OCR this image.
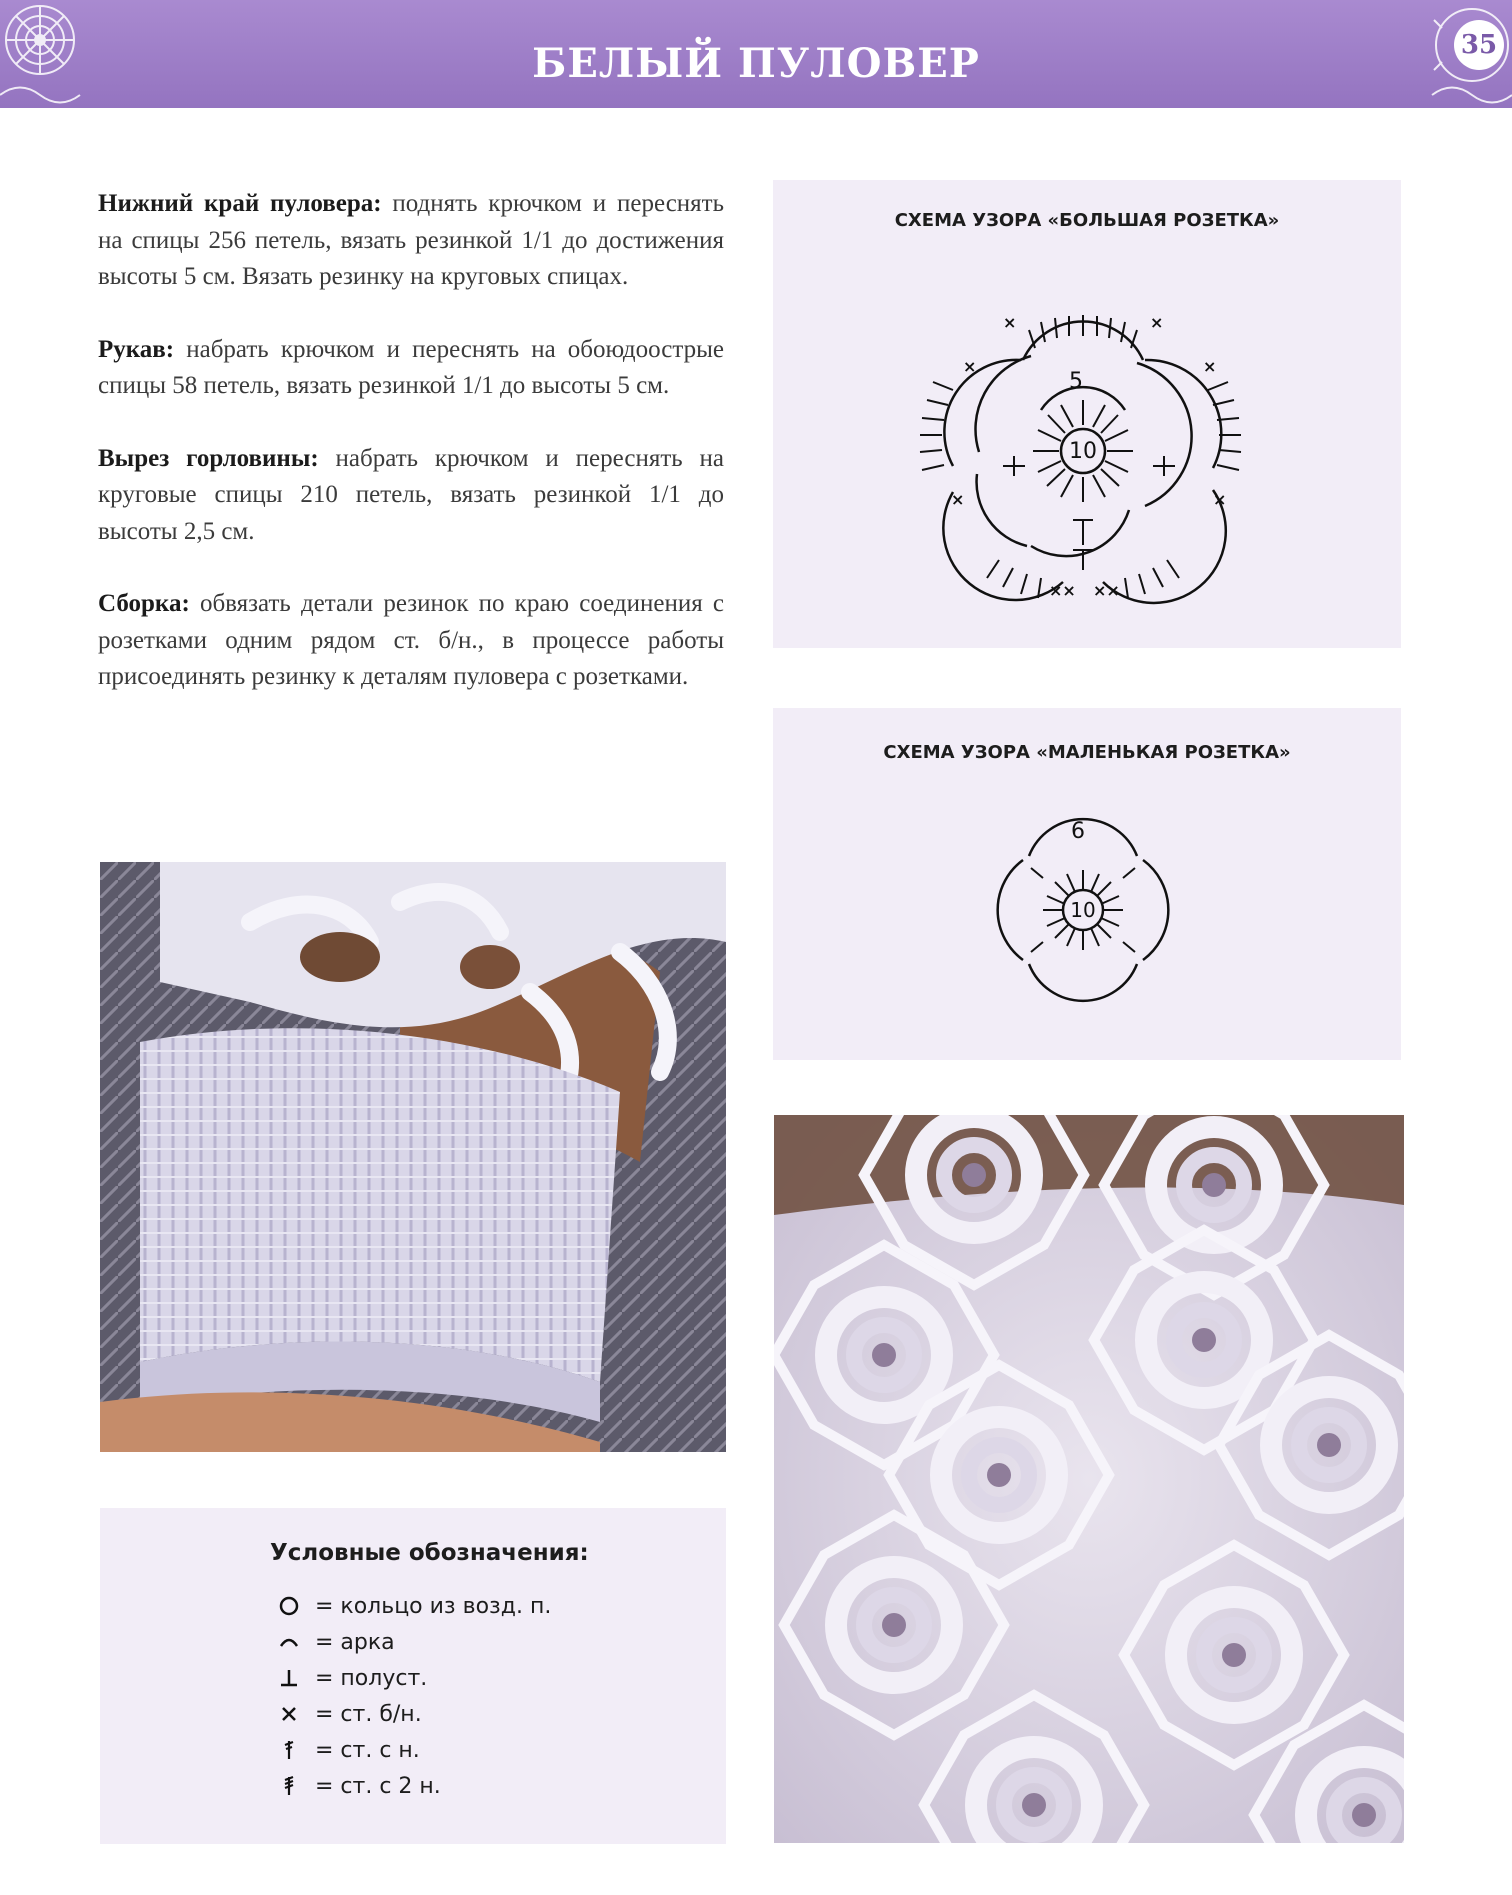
БЕЛЫЙ ПУЛОВЕР	35

Нижний край пуловера: поднять крючком и переснять на спицы 256 петель, вязать резинкой 1/1 до достижения высоты 5 см. Вязать резинку на круговых спицах.

Рукав: набрать крючком и переснять на обоюдоострые спицы 58 петель, вязать резинкой 1/1 до высоты 5 см.

Вырез горловины: набрать крючком и переснять на круговые спицы 210 петель, вязать резинкой 1/1 до высоты 2,5 см.

Сборка: обвязать детали резинок по краю соединения с розетками одним рядом ст. б/н., в процессе работы присоединять резинку к деталям пуловера с розетками.

СХЕМА УЗОРА «БОЛЬШАЯ РОЗЕТКА»
×	×
×	×
×	×
×× ××
10
5
СХЕМА УЗОРА «МАЛЕНЬКАЯ РОЗЕТКА»
10
6
Условные обозначения:
= кольцо из возд. п.
= арка
= полуст.
= ст. б/н.
= ст. с н.
= ст. с 2 н.
